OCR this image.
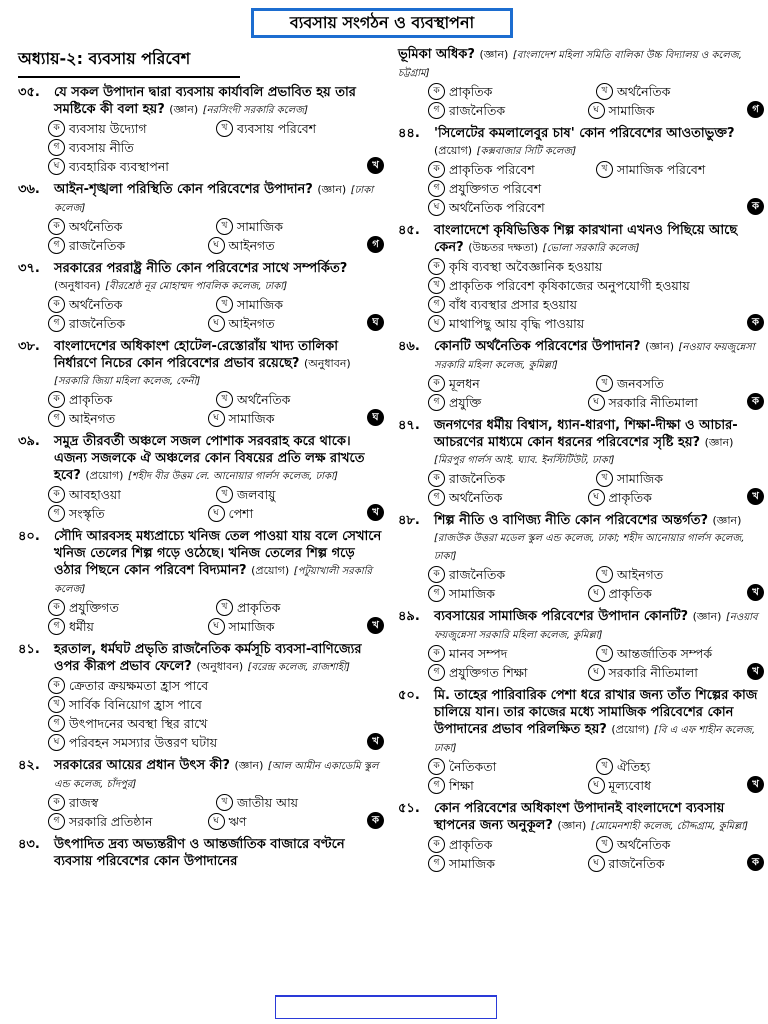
ব্যবসায় সংগঠন ও ব্যবস্থাপনা
অধ্যায়-২: ব্যবসায় পরিবেশ
৩৫.	যে সকল উপাদান দ্বারা ব্যবসায় কার্যাবলি প্রভাবিত হয় তার সমষ্টিকে কী বলা হয়? (জ্ঞান) [নরসিংদী সরকারি কলেজ]
ক ব্যবসায় উদ্যোগ	খ ব্যবসায় পরিবেশ
গ ব্যবসায় নীতি
ঘ ব্যবহারিক ব্যবস্থাপনা	খ
৩৬.	আইন-শৃঙ্খলা পরিস্থিতি কোন পরিবেশের উপাদান? (জ্ঞান) [ঢাকা কলেজ]
ক অর্থনৈতিক	খ সামাজিক
গ রাজনৈতিক	ঘ আইনগত	গ
৩৭.	সরকারের পররাষ্ট্র নীতি কোন পরিবেশের সাথে সম্পর্কিত? (অনুধাবন) [বীরশ্রেষ্ঠ নূর মোহাম্মদ পাবলিক কলেজ, ঢাকা]
ক অর্থনৈতিক	খ সামাজিক
গ রাজনৈতিক	ঘ আইনগত	ঘ
৩৮.	বাংলাদেশের অধিকাংশ হোটেল-রেস্তোরাঁয় খাদ্য তালিকা নির্ধারণে নিচের কোন পরিবেশের প্রভাব রয়েছে? (অনুধাবন) [সরকারি জিয়া মহিলা কলেজ, ফেনী]
ক প্রাকৃতিক	খ অর্থনৈতিক
গ আইনগত	ঘ সামাজিক	ঘ
৩৯.	সমুদ্র তীরবর্তী অঞ্চলে সজল পোশাক সরবরাহ করে থাকে। এজন্য সজলকে ঐ অঞ্চলের কোন বিষয়ের প্রতি লক্ষ রাখতে হবে? (প্রয়োগ) [শহীদ বীর উত্তম লে. আনোয়ার গার্লস কলেজ, ঢাকা]
ক আবহাওয়া	খ জলবায়ু
গ সংস্কৃতি	ঘ পেশা	খ
৪০.	সৌদি আরবসহ মধ্যপ্রাচ্যে খনিজ তেল পাওয়া যায় বলে সেখানে খনিজ তেলের শিল্প গড়ে ওঠেছে। খনিজ তেলের শিল্প গড়ে ওঠার পিছনে কোন পরিবেশ বিদ্যমান? (প্রয়োগ) [পটুয়াখালী সরকারি কলেজ]
ক প্রযুক্তিগত	খ প্রাকৃতিক
গ ধর্মীয়	ঘ সামাজিক	খ
৪১.	হরতাল, ধর্মঘট প্রভৃতি রাজনৈতিক কর্মসূচি ব্যবসা-বাণিজ্যের ওপর কীরূপ প্রভাব ফেলে? (অনুধাবন) [বরেন্দ্র কলেজ, রাজশাহী]
ক ক্রেতার ক্রয়ক্ষমতা হ্রাস পাবে
খ সার্বিক বিনিয়োগ হ্রাস পাবে
গ উৎপাদনের অবস্থা স্থির রাখে
ঘ পরিবহন সমস্যার উত্তরণ ঘটায়	খ
৪২.	সরকারের আয়ের প্রধান উৎস কী? (জ্ঞান) [আল আমীন একাডেমি স্কুল এন্ড কলেজ, চাঁদপুর]
ক রাজস্ব	খ জাতীয় আয়
গ সরকারি প্রতিষ্ঠান	ঘ ঋণ	ক
৪৩.	উৎপাদিত দ্রব্য অভ্যন্তরীণ ও আন্তর্জাতিক বাজারে বণ্টনে ব্যবসায় পরিবেশের কোন উপাদানের
ভূমিকা অধিক? (জ্ঞান) [বাংলাদেশ মহিলা সমিতি বালিকা উচ্চ বিদ্যালয় ও কলেজ, চট্টগ্রাম]
ক প্রাকৃতিক	খ অর্থনৈতিক
গ রাজনৈতিক	ঘ সামাজিক	গ
৪৪.	'সিলেটের কমলালেবুর চাষ' কোন পরিবেশের আওতাভুক্ত? (প্রয়োগ) [কক্সবাজার সিটি কলেজ]
ক প্রাকৃতিক পরিবেশ	খ সামাজিক পরিবেশ
গ প্রযুক্তিগত পরিবেশ
ঘ অর্থনৈতিক পরিবেশ	ক
৪৫.	বাংলাদেশে কৃষিভিত্তিক শিল্প কারখানা এখনও পিছিয়ে আছে কেন? (উচ্চতর দক্ষতা) [ভোলা সরকারি কলেজ]
ক কৃষি ব্যবস্থা অবৈজ্ঞানিক হওয়ায়
খ প্রাকৃতিক পরিবেশ কৃষিকাজের অনুপযোগী হওয়ায়
গ বাঁধ ব্যবস্থার প্রসার হওয়ায়
ঘ মাথাপিছু আয় বৃদ্ধি পাওয়ায়	ক
৪৬.	কোনটি অর্থনৈতিক পরিবেশের উপাদান? (জ্ঞান) [নওয়াব ফয়জুন্নেসা সরকারি মহিলা কলেজ, কুমিল্লা]
ক মূলধন	খ জনবসতি
গ প্রযুক্তি	ঘ সরকারি নীতিমালা	ক
৪৭.	জনগণের ধর্মীয় বিশ্বাস, ধ্যান-ধারণা, শিক্ষা-দীক্ষা ও আচার-আচরণের মাধ্যমে কোন ধরনের পরিবেশের সৃষ্টি হয়? (জ্ঞান) [মিরপুর গার্লস আই. ঘ্যাব. ইনস্টিটিউট, ঢাকা]
ক রাজনৈতিক	খ সামাজিক
গ অর্থনৈতিক	ঘ প্রাকৃতিক	খ
৪৮.	শিল্প নীতি ও বাণিজ্য নীতি কোন পরিবেশের অন্তর্গত? (জ্ঞান) [রাজউক উত্তরা মডেল স্কুল এন্ড কলেজ, ঢাকা; শহীদ আনোয়ার গার্লস কলেজ, ঢাকা]
ক রাজনৈতিক	খ আইনগত
গ সামাজিক	ঘ প্রাকৃতিক	খ
৪৯.	ব্যবসায়ের সামাজিক পরিবেশের উপাদান কোনটি? (জ্ঞান) [নওয়াব ফয়জুন্নেসা সরকারি মহিলা কলেজ, কুমিল্লা]
ক মানব সম্পদ	খ আন্তর্জাতিক সম্পর্ক
গ প্রযুক্তিগত শিক্ষা	ঘ সরকারি নীতিমালা	খ
৫০.	মি. তাহের পারিবারিক পেশা ধরে রাখার জন্য তাঁত শিল্পের কাজ চালিয়ে যান। তার কাজের মধ্যে সামাজিক পরিবেশের কোন উপাদানের প্রভাব পরিলক্ষিত হয়? (প্রয়োগ) [বি এ এফ শাহীন কলেজ, ঢাকা]
ক নৈতিকতা	খ ঐতিহ্য
গ শিক্ষা	ঘ মূল্যবোধ	খ
৫১.	কোন পরিবেশের অধিকাংশ উপাদানই বাংলাদেশে ব্যবসায় স্থাপনের জন্য অনুকূল? (জ্ঞান) [মোমেনশাহী কলেজ, চৌদ্দগ্রাম, কুমিল্লা]
ক প্রাকৃতিক	খ অর্থনৈতিক
গ সামাজিক	ঘ রাজনৈতিক	ক
